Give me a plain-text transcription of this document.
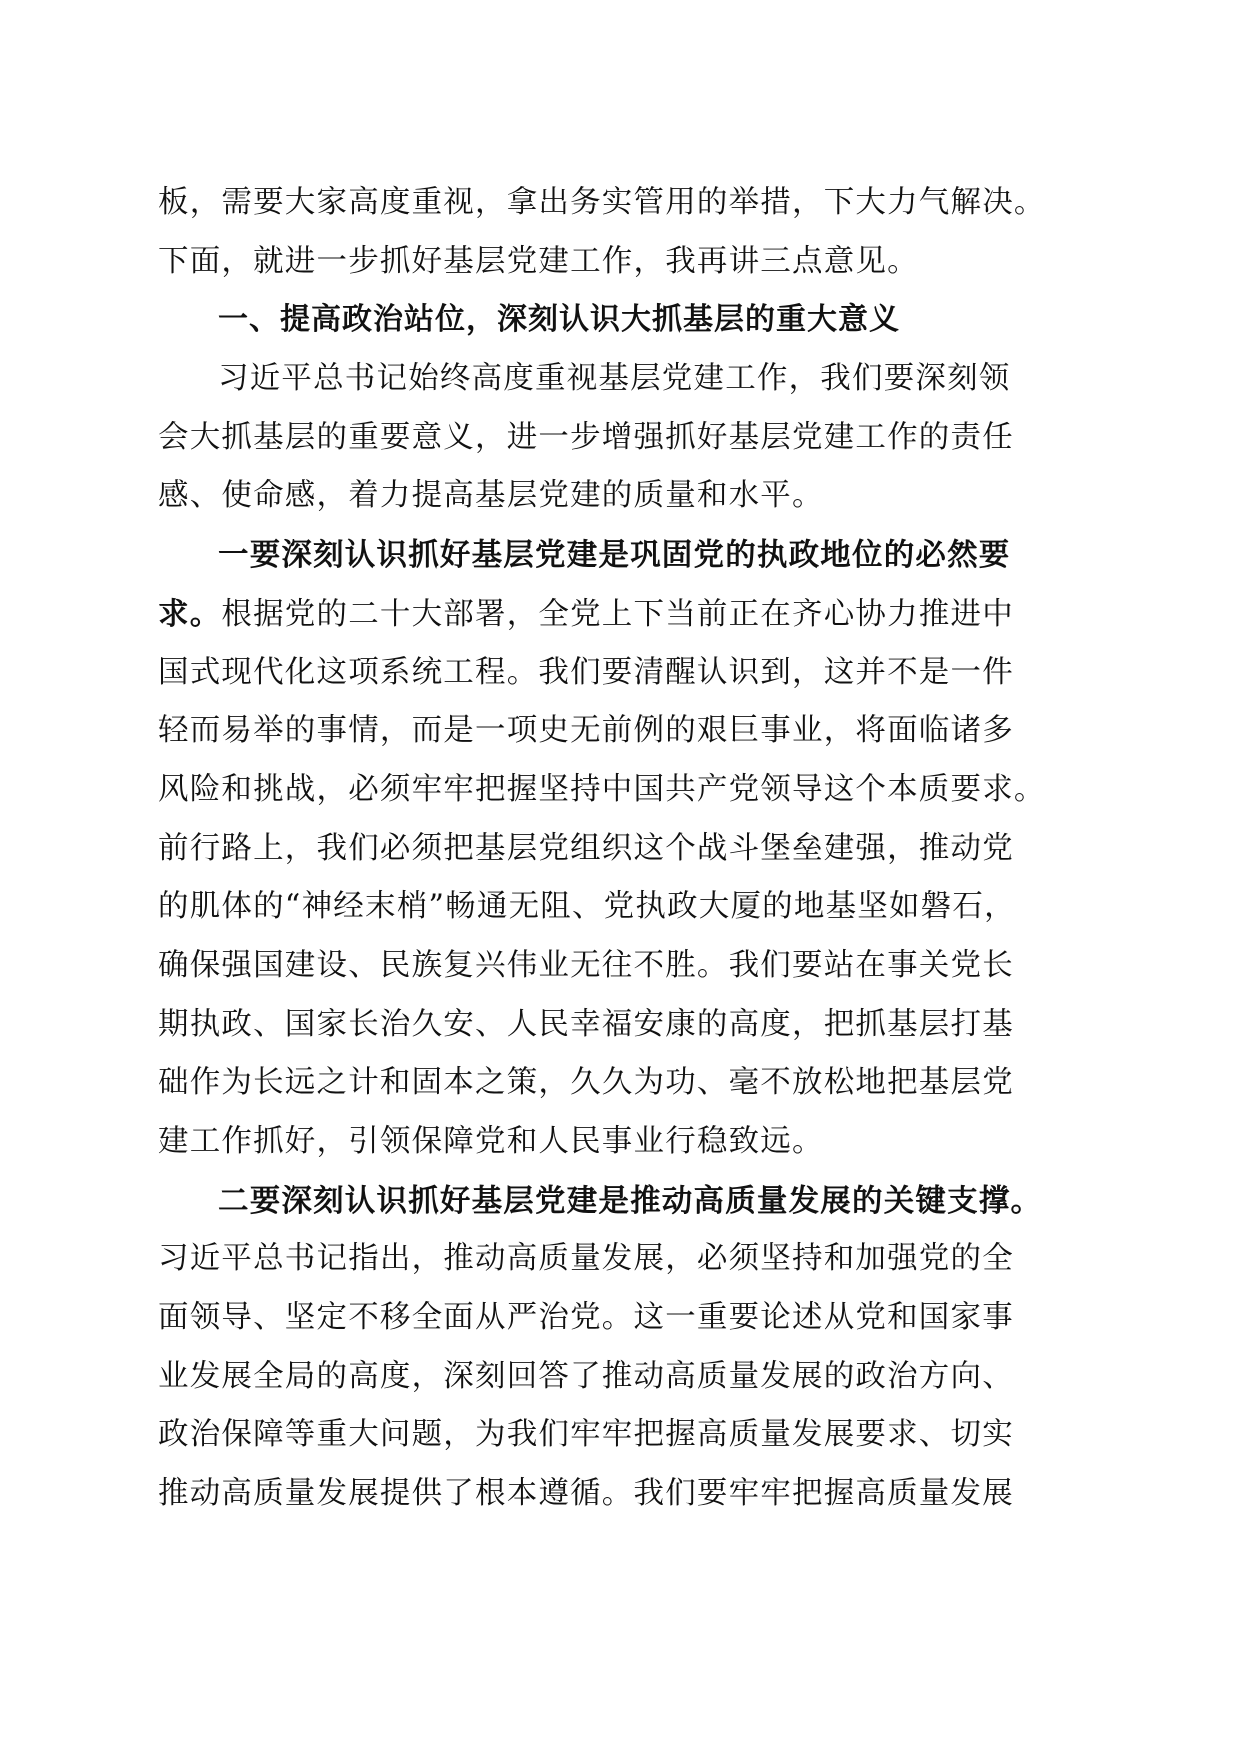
板，需要大家高度重视，拿出务实管用的举措，下大力气解决。
下面，就进一步抓好基层党建工作，我再讲三点意见。
一、提高政治站位，深刻认识大抓基层的重大意义
习近平总书记始终高度重视基层党建工作，我们要深刻领
会大抓基层的重要意义，进一步增强抓好基层党建工作的责任
感、使命感，着力提高基层党建的质量和水平。
一要深刻认识抓好基层党建是巩固党的执政地位的必然要
求。根据党的二十大部署，全党上下当前正在齐心协力推进中
国式现代化这项系统工程。我们要清醒认识到，这并不是一件
轻而易举的事情，而是一项史无前例的艰巨事业，将面临诸多
风险和挑战，必须牢牢把握坚持中国共产党领导这个本质要求。
前行路上，我们必须把基层党组织这个战斗堡垒建强，推动党
的肌体的“神经末梢”畅通无阻、党执政大厦的地基坚如磐石，
确保强国建设、民族复兴伟业无往不胜。我们要站在事关党长
期执政、国家长治久安、人民幸福安康的高度，把抓基层打基
础作为长远之计和固本之策，久久为功、毫不放松地把基层党
建工作抓好，引领保障党和人民事业行稳致远。
二要深刻认识抓好基层党建是推动高质量发展的关键支撑。
习近平总书记指出，推动高质量发展，必须坚持和加强党的全
面领导、坚定不移全面从严治党。这一重要论述从党和国家事
业发展全局的高度，深刻回答了推动高质量发展的政治方向、
政治保障等重大问题，为我们牢牢把握高质量发展要求、切实
推动高质量发展提供了根本遵循。我们要牢牢把握高质量发展
